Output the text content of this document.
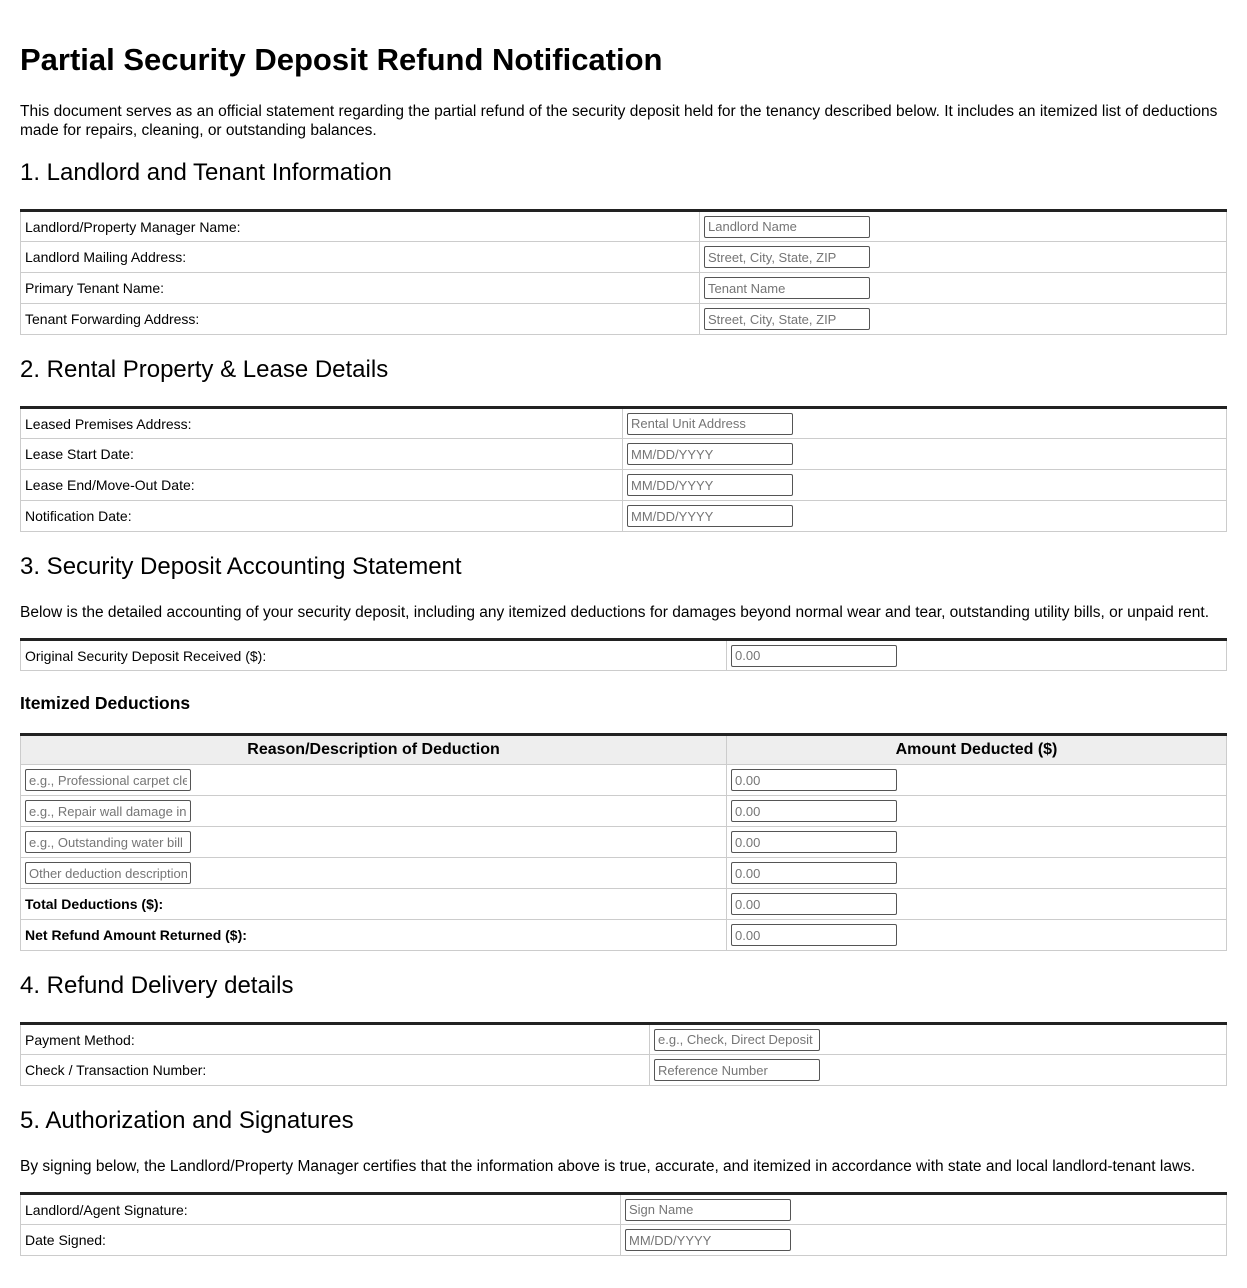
Partial Security Deposit Refund Notification

This document serves as an official statement regarding the partial refund of the security deposit held for the tenancy described below. It includes an itemized list of deductions made for repairs, cleaning, or outstanding balances.

1. Landlord and Tenant Information
Landlord/Property Manager Name:	Landlord Name
Landlord Mailing Address:	Street, City, State, ZIP
Primary Tenant Name:	Tenant Name
Tenant Forwarding Address:	Street, City, State, ZIP
2. Rental Property & Lease Details
Leased Premises Address:	Rental Unit Address
Lease Start Date:	MM/DD/YYYY
Lease End/Move-Out Date:	MM/DD/YYYY
Notification Date:	MM/DD/YYYY
3. Security Deposit Accounting Statement

Below is the detailed accounting of your security deposit, including any itemized deductions for damages beyond normal wear and tear, outstanding utility bills, or unpaid rent.

Original Security Deposit Received ($):	0.00
Itemized Deductions
Reason/Description of Deduction	Amount Deducted ($)
e.g., Professional carpet cleaning	0.00
e.g., Repair wall damage in	0.00
e.g., Outstanding water bill	0.00
Other deduction description	0.00
Total Deductions ($):	0.00
Net Refund Amount Returned ($):	0.00
4. Refund Delivery details
Payment Method:	e.g., Check, Direct Deposit
Check / Transaction Number:	Reference Number
5. Authorization and Signatures

By signing below, the Landlord/Property Manager certifies that the information above is true, accurate, and itemized in accordance with state and local landlord-tenant laws.

Landlord/Agent Signature:	Sign Name
Date Signed:	MM/DD/YYYY
